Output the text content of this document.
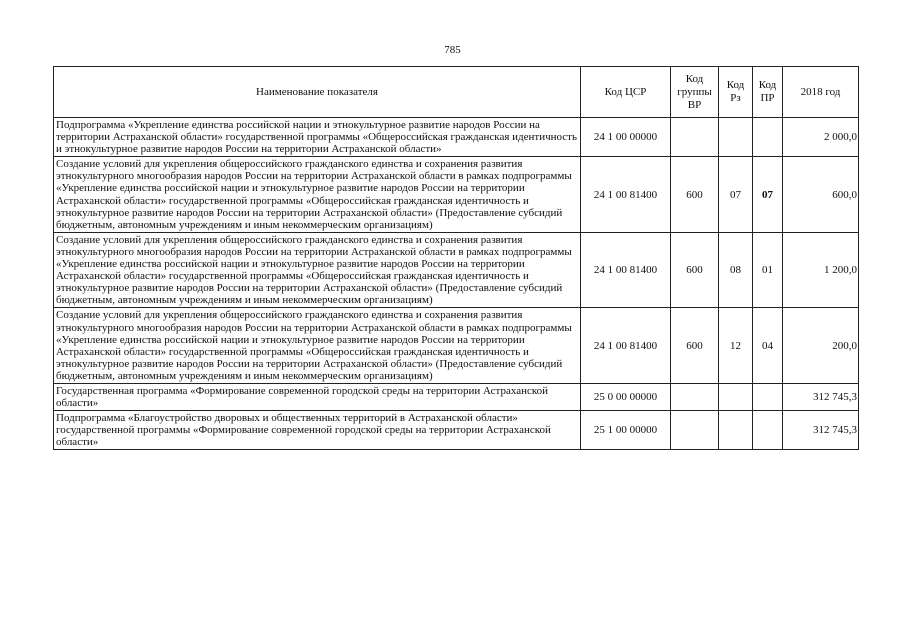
785
Наименование показателя	Код ЦСР	Код группы ВР	Код Рз	Код ПР	2018 год
Подпрограмма «Укрепление единства российской нации и этнокультурное развитие народов России на территории Астраханской области» государственной программы «Общероссийская гражданская идентичность и этнокультурное развитие народов России на территории Астраханской области»	24 1 00 00000				2 000,0
Создание условий для укрепления общероссийского гражданского единства и сохранения развития этнокультурного многообразия народов России на территории Астраханской области в рамках подпрограммы «Укрепление единства российской нации и этнокультурное развитие народов России на территории Астраханской области» государственной программы «Общероссийская гражданская идентичность и этнокультурное развитие народов России на территории Астраханской области» (Предоставление субсидий бюджетным, автономным учреждениям и иным некоммерческим организациям)	24 1 00 81400	600	07	07	600,0
Создание условий для укрепления общероссийского гражданского единства и сохранения развития этнокультурного многообразия народов России на территории Астраханской области в рамках подпрограммы «Укрепление единства российской нации и этнокультурное развитие народов России на территории Астраханской области» государственной программы «Общероссийская гражданская идентичность и этнокультурное развитие народов России на территории Астраханской области» (Предоставление субсидий бюджетным, автономным учреждениям и иным некоммерческим организациям)	24 1 00 81400	600	08	01	1 200,0
Создание условий для укрепления общероссийского гражданского единства и сохранения развития этнокультурного многообразия народов России на территории Астраханской области в рамках подпрограммы «Укрепление единства российской нации и этнокультурное развитие народов России на территории Астраханской области» государственной программы «Общероссийская гражданская идентичность и этнокультурное развитие народов России на территории Астраханской области» (Предоставление субсидий бюджетным, автономным учреждениям и иным некоммерческим организациям)	24 1 00 81400	600	12	04	200,0
Государственная программа «Формирование современной городской среды на территории Астраханской области»	25 0 00 00000				312 745,3
Подпрограмма «Благоустройство дворовых и общественных территорий в Астраханской области» государственной программы «Формирование современной городской среды на территории Астраханской области»	25 1 00 00000				312 745,3
